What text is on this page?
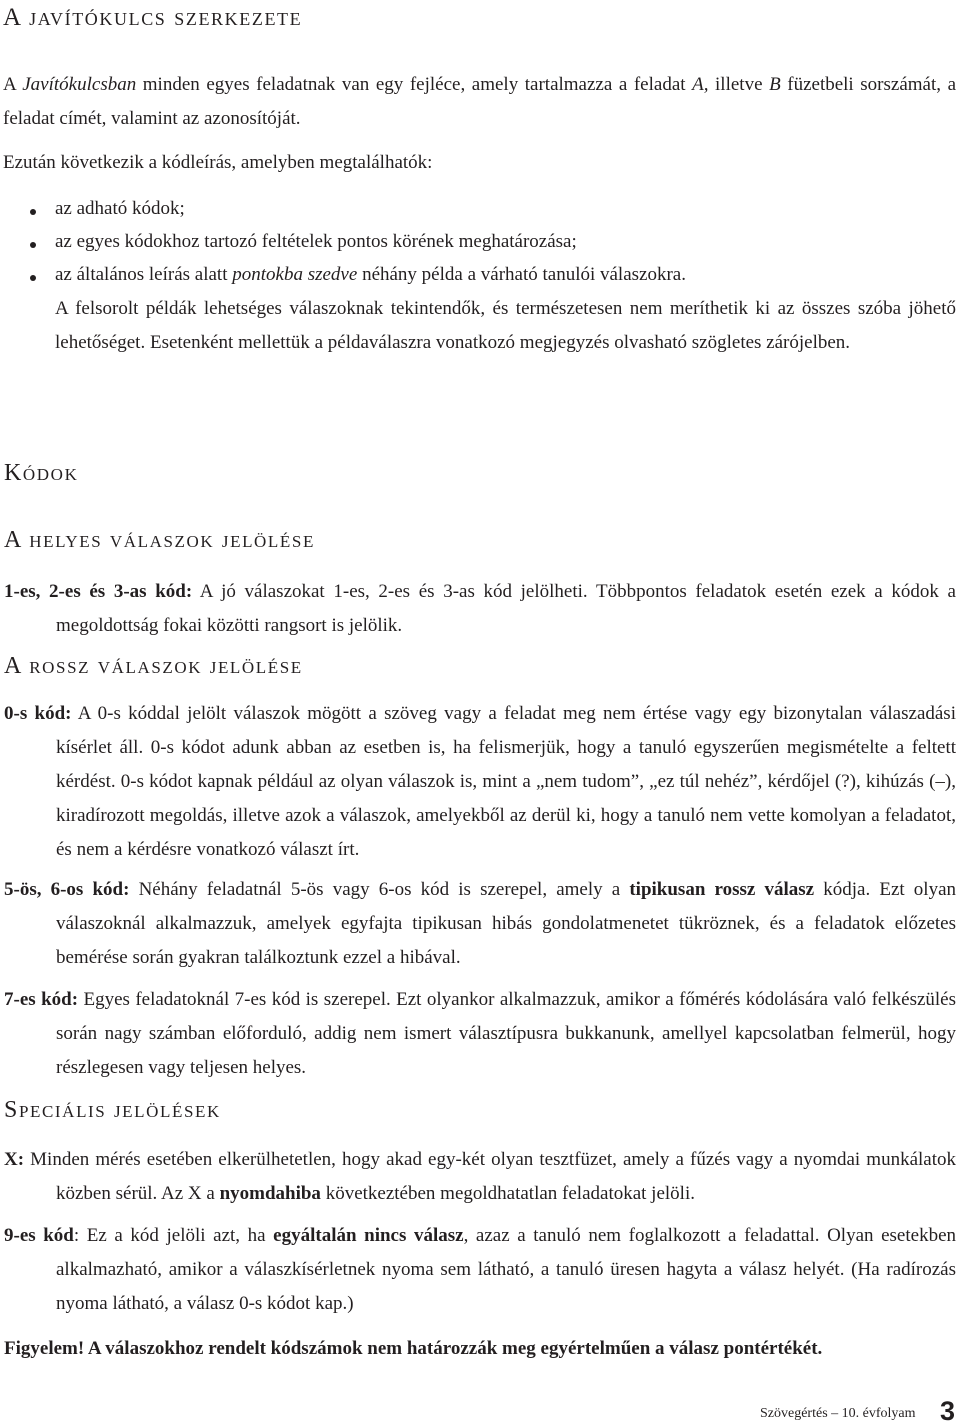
A javítókulcs szerkezete

A Javítókulcsban minden egyes feladatnak van egy fejléce, amely tartalmazza a feladat A, illetve B füzetbeli sorszámát, a feladat címét, valamint az azonosítóját.

Ezután következik a kódleírás, amelyben megtalálhatók:

az adható kódok;

az egyes kódokhoz tartozó feltételek pontos körének meghatározása;

az általános leírás alatt pontokba szedve néhány példa a várható tanulói válaszokra.

A felsorolt példák lehetséges válaszoknak tekintendők, és természetesen nem meríthetik ki az összes szóba jöhető lehetőséget. Esetenként mellettük a példaválaszra vonatkozó megjegyzés olvasható szögletes zárójelben.

Kódok
A helyes válaszok jelölése

1-es, 2-es és 3-as kód: A jó válaszokat 1-es, 2-es és 3-as kód jelölheti. Többpontos feladatok esetén ezek a kódok a megoldottság fokai közötti rangsort is jelölik.

A rossz válaszok jelölése

0-s kód: A 0-s kóddal jelölt válaszok mögött a szöveg vagy a feladat meg nem értése vagy egy bizonytalan válaszadási kísérlet áll. 0-s kódot adunk abban az esetben is, ha felismerjük, hogy a tanuló egyszerűen megismételte a feltett kérdést. 0-s kódot kapnak például az olyan válaszok is, mint a „nem tudom”, „ez túl nehéz”, kérdőjel (?), kihúzás (–), kiradírozott megoldás, illetve azok a válaszok, amelyekből az derül ki, hogy a tanuló nem vette komolyan a feladatot, és nem a kérdésre vonatkozó választ írt.

5-ös, 6-os kód: Néhány feladatnál 5-ös vagy 6-os kód is szerepel, amely a tipikusan rossz válasz kódja. Ezt olyan válaszoknál alkalmazzuk, amelyek egyfajta tipikusan hibás gondolatmenetet tükröznek, és a feladatok előzetes bemérése során gyakran találkoztunk ezzel a hibával.

7-es kód: Egyes feladatoknál 7-es kód is szerepel. Ezt olyankor alkalmazzuk, amikor a főmérés kódolására való felkészülés során nagy számban előforduló, addig nem ismert választípusra bukkanunk, amellyel kapcsolatban felmerül, hogy részlegesen vagy teljesen helyes.

Speciális jelölések

X: Minden mérés esetében elkerülhetetlen, hogy akad egy-két olyan tesztfüzet, amely a fűzés vagy a nyomdai munkálatok közben sérül. Az X a nyomdahiba következtében megoldhatatlan feladatokat jelöli.

9-es kód: Ez a kód jelöli azt, ha egyáltalán nincs válasz, azaz a tanuló nem foglalkozott a feladattal. Olyan esetekben alkalmazható, amikor a válaszkísérletnek nyoma sem látható, a tanuló üresen hagyta a válasz helyét. (Ha radírozás nyoma látható, a válasz 0-s kódot kap.)

Figyelem! A válaszokhoz rendelt kódszámok nem határozzák meg egyértelműen a válasz pontértékét.

Szövegértés – 10. évfolyam 3
